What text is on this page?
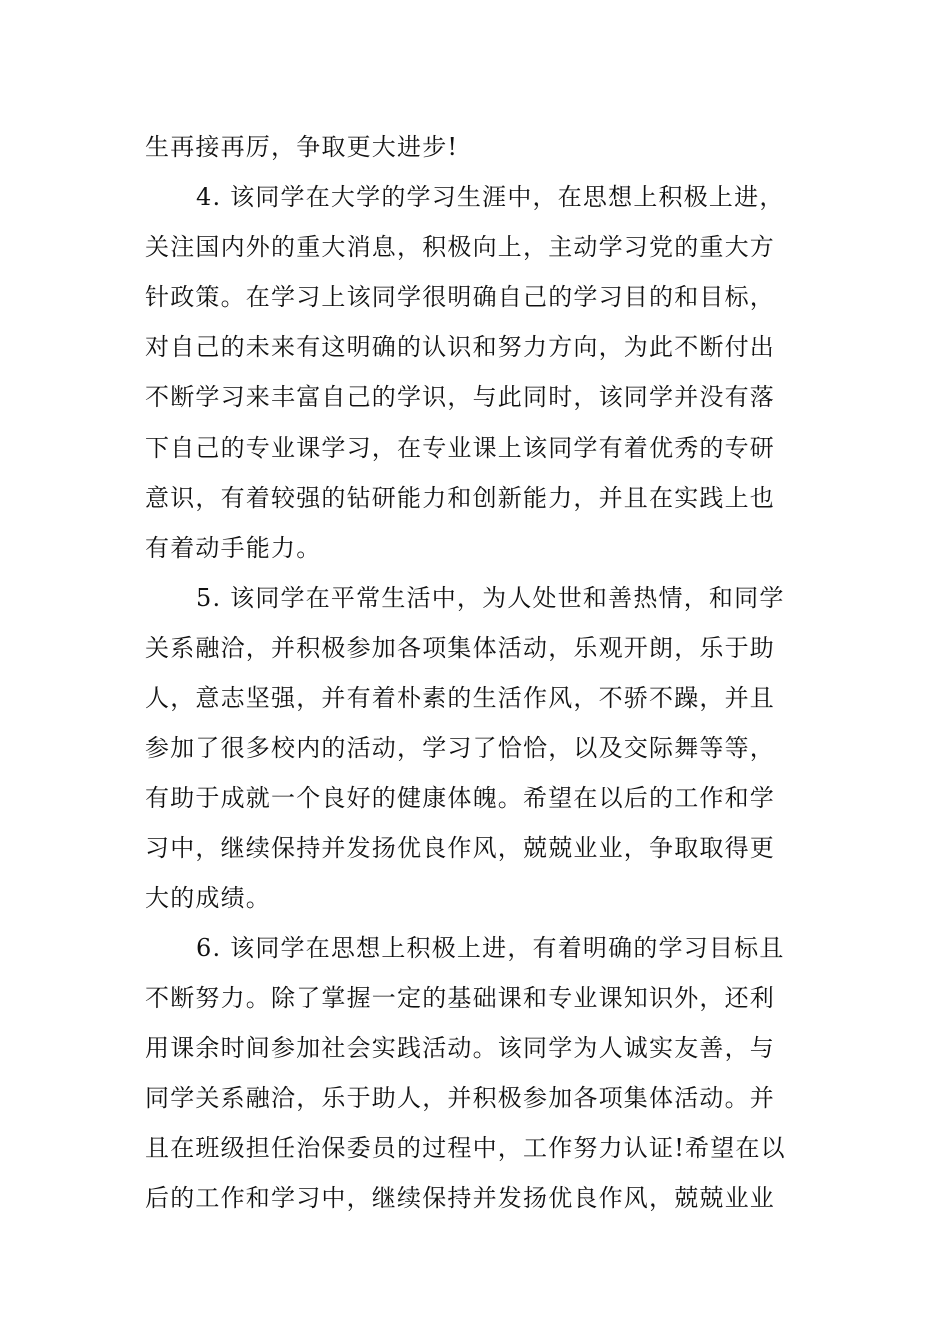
生再接再厉，争取更大进步!
4. 该同学在大学的学习生涯中，在思想上积极上进，
关注国内外的重大消息，积极向上，主动学习党的重大方
针政策。在学习上该同学很明确自己的学习目的和目标，
对自己的未来有这明确的认识和努力方向，为此不断付出
不断学习来丰富自己的学识，与此同时，该同学并没有落
下自己的专业课学习，在专业课上该同学有着优秀的专研
意识，有着较强的钻研能力和创新能力，并且在实践上也
有着动手能力。
5. 该同学在平常生活中，为人处世和善热情，和同学
关系融洽，并积极参加各项集体活动，乐观开朗，乐于助
人，意志坚强，并有着朴素的生活作风，不骄不躁，并且
参加了很多校内的活动，学习了恰恰，以及交际舞等等，
有助于成就一个良好的健康体魄。希望在以后的工作和学
习中，继续保持并发扬优良作风，兢兢业业，争取取得更
大的成绩。
6. 该同学在思想上积极上进，有着明确的学习目标且
不断努力。除了掌握一定的基础课和专业课知识外，还利
用课余时间参加社会实践活动。该同学为人诚实友善，与
同学关系融洽，乐于助人，并积极参加各项集体活动。并
且在班级担任治保委员的过程中，工作努力认证!希望在以
后的工作和学习中，继续保持并发扬优良作风，兢兢业业
